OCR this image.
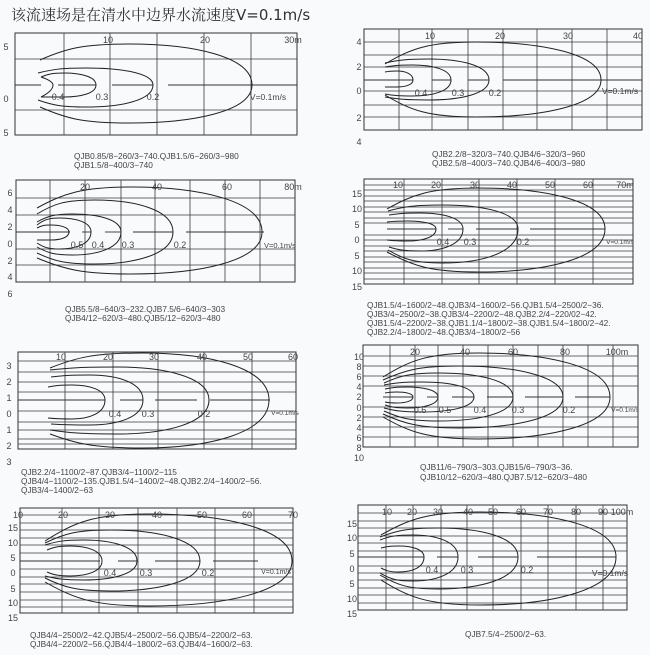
该流速场是在清水中边界水流速度V=0.1m/s
10	20	30m
5
0
5
0.4	0.3	0.2	V=0.1m/s
QJB0.85/8−260/3−740.QJB1.5/6−260/3−980
QJB1.5/8−400/3−740
10	20	30	40
4
2
0
2
4
0.4	0.3	0.2	V=0.1m/s
QJB2.2/8−320/3−740.QJB4/6−320/3−960
QJB2.5/8−400/3−740.QJB4/6−400/3−980
20	40	60	80m
6
4
2
0
2
4
6
0.5 0.4 0.3	0.2	V=0.1m/s
QJB5.5/8−640/3−232.QJB7.5/6−640/3−303
QJB4/12−620/3−480.QJB5/12−620/3−480
10	20	30	40	50	60	70m
15
10
5
0
5
10
15
0.4 0.3	0.2	V=0.1m/s
QJB1.5/4−1600/2−48.QJB3/4−1600/2−56.QJB1.5/4−2500/2−36.
QJB3/4−2500/2−38.QJB3/4−2200/2−48.QJB2.2/4−220/02−42.
QJB1.5/4−2200/2−38.QJB1.1/4−1800/2−38.QJB1.5/4−1800/2−42.
QJB2.2/4−1800/2−48.QJB3/4−1800/2−56
10	20	30	40	50	60
3
2
1
0
1
2
3
0.4 0.3	0.2	V=0.1m/s
QJB2.2/4−1100/2−87.QJB3/4−1100/2−115
QJB4/4−1100/2−135.QJB1.5/4−1400/2−48.QJB2.2/4−1400/2−56.
QJB3/4−1400/2−63
20	40	60	80	100m
10
8
6
4
2
0
2
4
6
8
10
0.6 0.5 0.4	0.3	0.2	V=0.1m/s
QJB11/6−790/3−303.QJB15/6−790/3−36.
QJB10/12−620/3−480.QJB7.5/12−620/3−480
10	20	30	40	50	60	70
15
10
5
0
5
10
15
0.4	0.3	0.2	V=0.1m/s
QJB4/4−2500/2−42.QJB5/4−2500/2−56.QJB5/4−2200/2−63.
QJB4/4−2200/2−56.QJB4/4−1800/2−63.QJB4/4−1600/2−63.
10 20 30 40 50 60 70 80 90 100m
15
10
5
0
5
10
15
0.4 0.3	0.2	V=0.1m/s
QJB7.5/4−2500/2−63.
